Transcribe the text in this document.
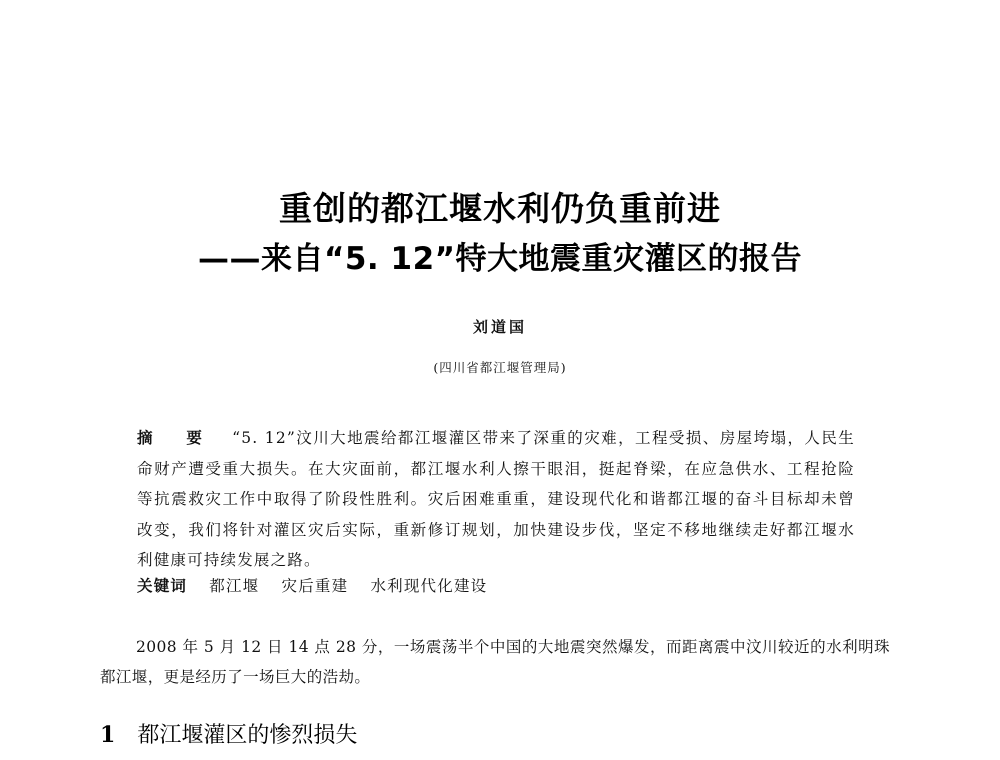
重创的都江堰水利仍负重前进
——来自“5. 12”特大地震重灾灌区的报告
刘道国
(四川省都江堰管理局)
摘 要 “5. 12”汶川大地震给都江堰灌区带来了深重的灾难，工程受损、房屋垮塌，人民生命财产遭受重大损失。在大灾面前，都江堰水利人擦干眼泪，挺起脊梁，在应急供水、工程抢险等抗震救灾工作中取得了阶段性胜利。灾后困难重重，建设现代化和谐都江堰的奋斗目标却未曾改变，我们将针对灌区灾后实际，重新修订规划，加快建设步伐，坚定不移地继续走好都江堰水利健康可持续发展之路。
关键词 都江堰 灾后重建 水利现代化建设
2008 年 5 月 12 日 14 点 28 分，一场震荡半个中国的大地震突然爆发，而距离震中汶川较近的水利明珠都江堰，更是经历了一场巨大的浩劫。
1 都江堰灌区的惨烈损失
